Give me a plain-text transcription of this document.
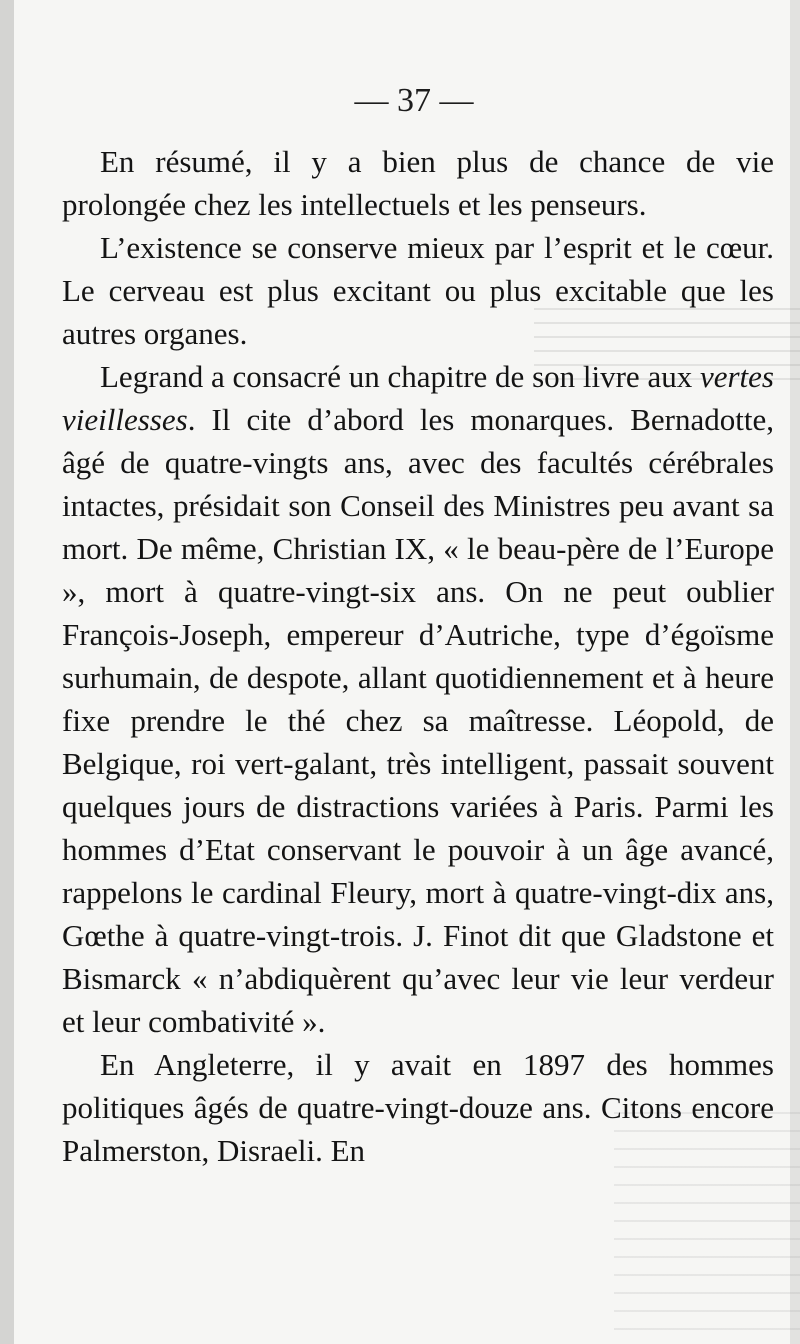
— 37 —

En résumé, il y a bien plus de chance de vie prolongée chez les intellectuels et les penseurs.

L’existence se conserve mieux par l’esprit et le cœur. Le cerveau est plus excitant ou plus excitable que les autres organes.

Legrand a consacré un chapitre de son livre aux vertes vieillesses. Il cite d’abord les monarques. Bernadotte, âgé de quatre-vingts ans, avec des facultés cérébrales intactes, présidait son Conseil des Ministres peu avant sa mort. De même, Christian IX, « le beau-père de l’Europe », mort à quatre-vingt-six ans. On ne peut oublier François-Joseph, empereur d’Autriche, type d’égoïsme surhumain, de despote, allant quotidiennement et à heure fixe prendre le thé chez sa maîtresse. Léopold, de Belgique, roi vert-galant, très intelligent, passait souvent quelques jours de distractions variées à Paris. Parmi les hommes d’Etat conservant le pouvoir à un âge avancé, rappelons le cardinal Fleury, mort à quatre-vingt-dix ans, Gœthe à quatre-vingt-trois. J. Finot dit que Gladstone et Bismarck « n’abdiquèrent qu’avec leur vie leur verdeur et leur combativité ».

En Angleterre, il y avait en 1897 des hommes politiques âgés de quatre-vingt-douze ans. Citons encore Palmerston, Disraeli. En
